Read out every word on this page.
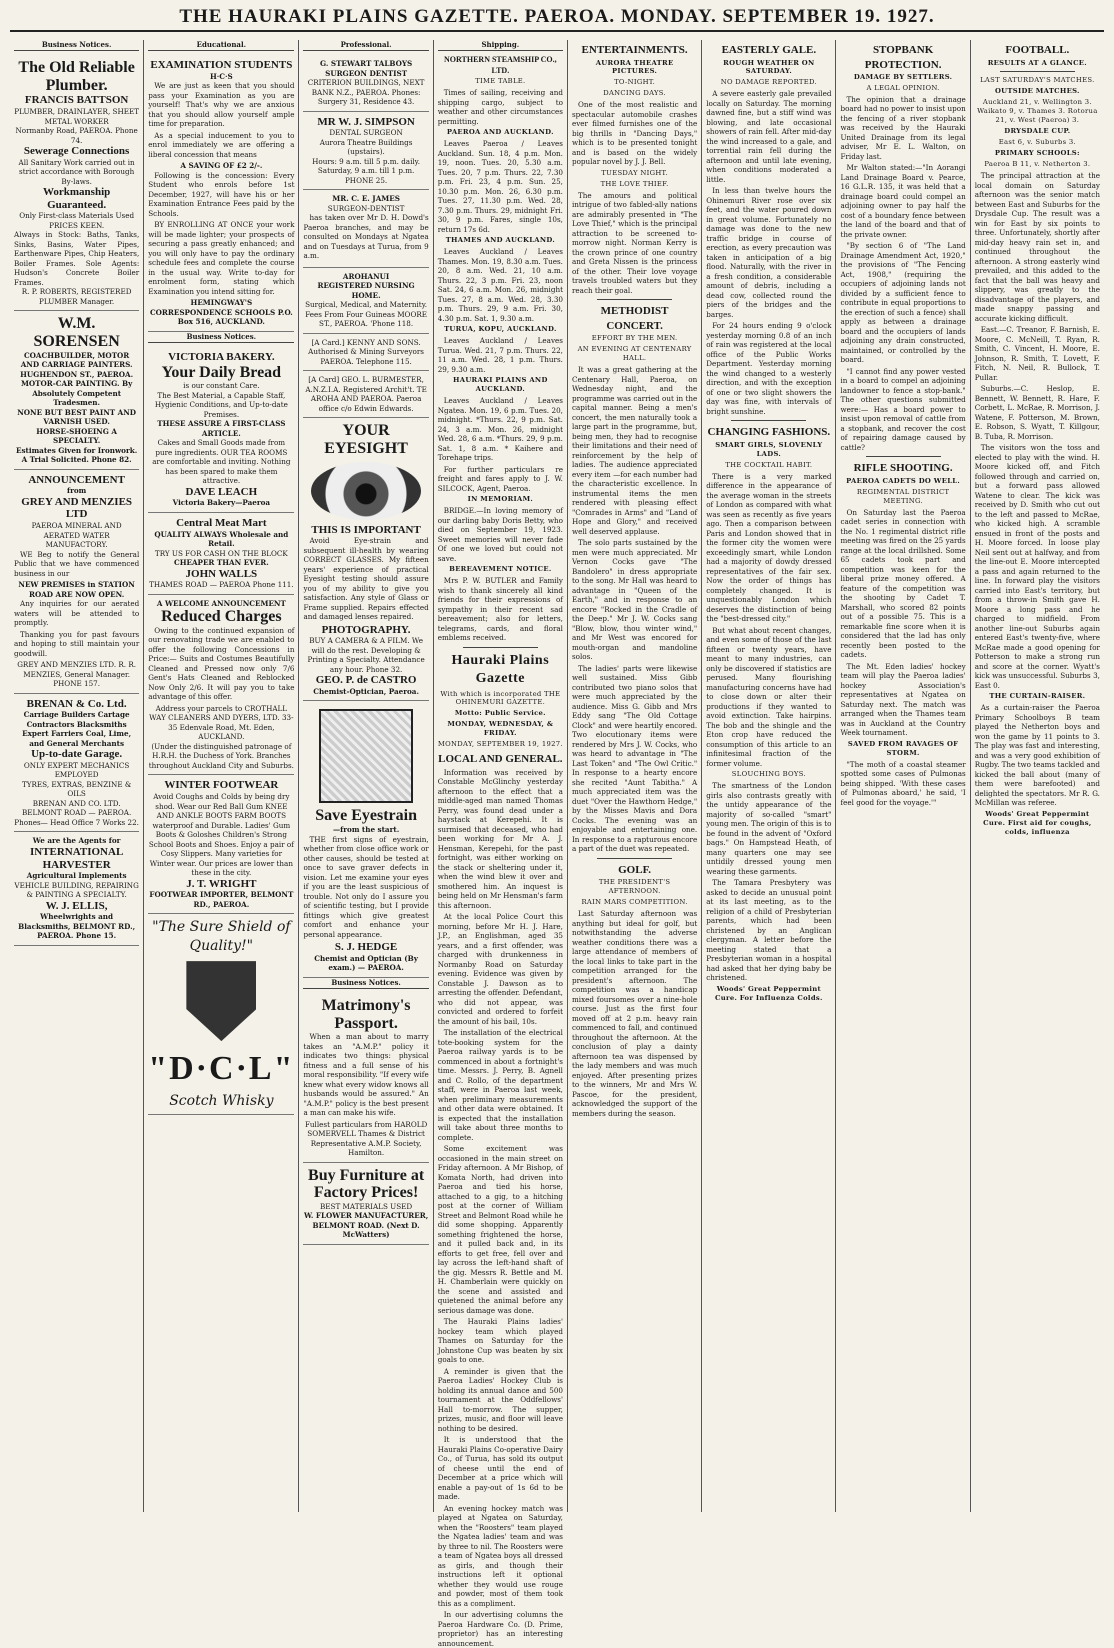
THE HAURAKI PLAINS GAZETTE. PAEROA. MONDAY. SEPTEMBER 19. 1927.
Business Notices.
The Old Reliable Plumber.
FRANCIS BATTSON
PLUMBER, DRAINLAYER, SHEET METAL WORKER
Normanby Road, PAEROA. Phone 74.
Sewerage Connections
All Sanitary Work carried out in strict accordance with Borough By-laws.
Workmanship Guaranteed.
Only First-class Materials Used PRICES KEEN.
Always in Stock: Baths, Tanks, Sinks, Basins, Water Pipes, Earthenware Pipes, Chip Heaters, Boiler Frames. Sole Agents: Hudson's Concrete Boiler Frames.
R. P. ROBERTS, REGISTERED PLUMBER Manager.
W.M. SORENSEN
COACHBUILDER, MOTOR AND CARRIAGE PAINTERS. HUGHENDON ST., PAEROA.
MOTOR-CAR PAINTING. By Absolutely Competent Tradesmen.
NONE BUT BEST PAINT AND VARNISH USED.
HORSE-SHOEING A SPECIALTY.
Estimates Given for Ironwork.
A Trial Solicited. Phone 82.
ANNOUNCEMENT
from
GREY AND MENZIES LTD
PAEROA MINERAL AND AERATED WATER MANUFACTORY.

WE Beg to notify the General Public that we have commenced business in our

NEW PREMISES in STATION ROAD ARE NOW OPEN.

Any inquiries for our aerated waters will be attended to promptly.

Thanking you for past favours and hoping to still maintain your goodwill.

GREY AND MENZIES LTD. R. R. MENZIES, General Manager.
PHONE 157.
BRENAN & Co. Ltd.
Carriage Builders Cartage Contractors Blacksmiths Expert Farriers Coal, Lime, and General Merchants
Up-to-date Garage.
ONLY EXPERT MECHANICS EMPLOYED
TYRES, EXTRAS, BENZINE & OILS
BRENAN AND CO. LTD. BELMONT ROAD — PAEROA. Phones— Head Office 7 Works 22.
We are the Agents for
INTERNATIONAL HARVESTER
Agricultural Implements
VEHICLE BUILDING, REPAIRING & PAINTING A SPECIALTY.
W. J. ELLIS,
Wheelwrights and Blacksmiths, BELMONT RD., PAEROA. Phone 15.
Educational.
EXAMINATION STUDENTS
H·C·S

We are just as keen that you should pass your Examination as you are yourself! That's why we are anxious that you should allow yourself ample time for preparation.

As a special inducement to you to enrol immediately we are offering a liberal concession that means

A SAVING OF £2 2/-.

Following is the concession: Every Student who enrols before 1st December, 1927, will have his or her Examination Entrance Fees paid by the Schools.

BY ENROLLING AT ONCE your work will be made lighter; your prospects of securing a pass greatly enhanced; and you will only have to pay the ordinary schedule fees and complete the course in the usual way. Write to-day for enrolment form, stating which Examination you intend sitting for.

HEMINGWAY'S CORRESPONDENCE SCHOOLS P.O. Box 516, AUCKLAND.
Business Notices.
VICTORIA BAKERY.
Your Daily Bread
is our constant Care.
The Best Material, a Capable Staff, Hygienic Conditions, and Up-to-date Premises.
THESE ASSURE A FIRST-CLASS ARTICLE.
Cakes and Small Goods made from pure ingredients. OUR TEA ROOMS are comfortable and inviting. Nothing has been spared to make them attractive.
DAVE LEACH
Victoria Bakery—Paeroa
Central Meat Mart
QUALITY ALWAYS Wholesale and Retail.
TRY US FOR CASH ON THE BLOCK
CHEAPER THAN EVER.
JOHN WALLS
THAMES ROAD — PAEROA Phone 111.
A WELCOME ANNOUNCEMENT
Reduced Charges

Owing to the continued expansion of our renovating trade we are enabled to offer the following Concessions in Price:— Suits and Costumes Beautifully Cleaned and Pressed now only 7/6 Gent's Hats Cleaned and Reblocked Now Only 2/6. It will pay you to take advantage of this offer.

Address your parcels to CROTHALL WAY CLEANERS AND DYERS, LTD. 33-35 Edenvale Road, Mt. Eden, AUCKLAND.
(Under the distinguished patronage of H.R.H. the Duchess of York. Branches throughout Auckland City and Suburbs.
WINTER FOOTWEAR
Avoid Coughs and Colds by being dry shod. Wear our Red Ball Gum KNEE AND ANKLE BOOTS FARM BOOTS waterproof and Durable. Ladies' Gum Boots & Goloshes Children's Strong School Boots and Shoes. Enjoy a pair of Cosy Slippers. Many varieties for Winter wear. Our prices are lower than these in the city.
J. T. WRIGHT
FOOTWEAR IMPORTER, BELMONT RD., PAEROA.
"The Sure Shield of Quality!"
"D·C·L"
Scotch Whisky
Professional.
G. STEWART TALBOYS SURGEON DENTIST
CRITERION BUILDINGS, NEXT BANK N.Z., PAEROA. Phones: Surgery 31, Residence 43.
MR W. J. SIMPSON
DENTAL SURGEON
Aurora Theatre Buildings (upstairs).
Hours: 9 a.m. till 5 p.m. daily. Saturday, 9 a.m. till 1 p.m. PHONE 25.
MR. C. E. JAMES
SURGEON-DENTIST

has taken over Mr D. H. Dowd's Paeroa branches, and may be consulted on Mondays at Ngatea and on Tuesdays at Turua, from 9 a.m.

AROHANUI
REGISTERED NURSING HOME.
Surgical, Medical, and Maternity. Fees From Four Guineas MOORE ST., PAEROA. 'Phone 118.
[A Card.] KENNY AND SONS. Authorised & Mining Surveyors PAEROA. Telephone 115.
[A Card] GEO. L. BURMESTER, A.N.Z.I.A. Registered Archit't. TE AROHA AND PAEROA. Paeroa office c/o Edwin Edwards.
YOUR EYESIGHT
THIS IS IMPORTANT

Avoid Eye-strain and subsequent ill-health by wearing CORRECT GLASSES. My fifteen years' experience of practical Eyesight testing should assure you of my ability to give you satisfaction. Any style of Glass or Frame supplied. Repairs effected and damaged lenses repaired.

PHOTOGRAPHY.
BUY A CAMERA & A FILM. We will do the rest. Developing & Printing a Specialty. Attendance any hour. Phone 32.
GEO. P. de CASTRO
Chemist-Optician, Paeroa.
Save Eyestrain
—from the start.

THE first signs of eyestrain, whether from close office work or other causes, should be tested at once to save graver defects in vision. Let me examine your eyes if you are the least suspicious of trouble. Not only do I assure you of scientific testing, but I provide fittings which give greatest comfort and enhance your personal appearance.

S. J. HEDGE
Chemist and Optician (By exam.) — PAEROA.
Business Notices.
Matrimony's Passport.

When a man about to marry takes an "A.M.P." policy it indicates two things: physical fitness and a full sense of his moral responsibility. "If every wife knew what every widow knows all husbands would be assured." An "A.M.P." policy is the best present a man can make his wife.

Fullest particulars from HAROLD SOMERVELL Thames & District Representative A.M.P. Society, Hamilton.
Buy Furniture at Factory Prices!
BEST MATERIALS USED
W. FLOWER MANUFACTURER, BELMONT ROAD. (Next D. McWatters)
Shipping.
NORTHERN STEAMSHIP CO., LTD.
TIME TABLE.

Times of sailing, receiving and shipping cargo, subject to weather and other circumstances permitting.

PAEROA AND AUCKLAND.

Leaves Paeroa / Leaves Auckland. Sun. 18, 4 p.m. Mon. 19, noon. Tues. 20, 5.30 a.m. Tues. 20, 7 p.m. Thurs. 22, 7.30 p.m. Fri. 23, 4 p.m. Sun. 25, 10.30 p.m. Mon. 26, 6.30 p.m. Tues. 27, 11.30 p.m. Wed. 28, 7.30 p.m. Thurs. 29, midnight Fri. 30, 9 p.m. Fares, single 10s, return 17s 6d.

THAMES AND AUCKLAND.

Leaves Auckland / Leaves Thames. Mon. 19, 8.30 a.m. Tues. 20, 8 a.m. Wed. 21, 10 a.m. Thurs. 22, 3 p.m. Fri. 23, noon Sat. 24, 6 a.m. Mon. 26, midnight Tues. 27, 8 a.m. Wed. 28, 3.30 p.m. Thurs. 29, 9 a.m. Fri. 30, 4.30 p.m. Sat. 1, 9.30 a.m.

TURUA, KOPU, AUCKLAND.

Leaves Auckland / Leaves Turua. Wed. 21, 7 p.m. Thurs. 22, 11 a.m. Wed. 28, 1 p.m. Thurs. 29, 9.30 a.m.

HAURAKI PLAINS AND AUCKLAND.

Leaves Auckland / Leaves Ngatea. Mon. 19, 6 p.m. Tues. 20, midnight. *Thurs. 22, 9 p.m. Sat. 24, 3 a.m. Mon. 26, midnight Wed. 28, 6 a.m. *Thurs. 29, 9 p.m. Sat. 1, 8 a.m. * Kaihere and Torehape trips.

For further particulars re freight and fares apply to J. W. SILCOCK, Agent, Paeroa.

IN MEMORIAM.

BRIDGE.—In loving memory of our darling baby Doris Betty, who died on September 19, 1923. Sweet memories will never fade Of one we loved but could not save.

BEREAVEMENT NOTICE.

Mrs P. W. BUTLER and Family wish to thank sincerely all kind friends for their expressions of sympathy in their recent sad bereavement; also for letters, telegrams, cards, and floral emblems received.

Hauraki Plains Gazette
With which is incorporated THE OHINEMURI GAZETTE.
Motto: Public Service.
MONDAY, WEDNESDAY, & FRIDAY.
MONDAY, SEPTEMBER 19, 1927.
LOCAL AND GENERAL.

Information was received by Constable McGlinchy yesterday afternoon to the effect that a middle-aged man named Thomas Perry, was found dead under a haystack at Kerepehi. It is surmised that deceased, who had been working for Mr A. J. Hensman, Kerepehi, for the past fortnight, was either working on the stack or sheltering under it, when the wind blew it over and smothered him. An inquest is being held on Mr Hensman's farm this afternoon.

At the local Police Court this morning, before Mr H. J. Hare, J.P., an Englishman, aged 35 years, and a first offender, was charged with drunkenness in Normanby Road on Saturday evening. Evidence was given by Constable J. Dawson as to arresting the offender. Defendant, who did not appear, was convicted and ordered to forfeit the amount of his bail, 10s.

The installation of the electrical tote-booking system for the Paeroa railway yards is to be commenced in about a fortnight's time. Messrs. J. Perry, B. Agnell and C. Rollo, of the department staff, were in Paeroa last week, when preliminary measurements and other data were obtained. It is expected that the installation will take about three months to complete.

Some excitement was occasioned in the main street on Friday afternoon. A Mr Bishop, of Komata North, had driven into Paeroa and tied his horse, attached to a gig, to a hitching post at the corner of William Street and Belmont Road while he did some shopping. Apparently something frightened the horse, and it pulled back and, in its efforts to get free, fell over and lay across the left-hand shaft of the gig. Messrs R. Bettle and M. H. Chamberlain were quickly on the scene and assisted and quietened the animal before any serious damage was done.

The Hauraki Plains ladies' hockey team which played Thames on Saturday for the Johnstone Cup was beaten by six goals to one.

A reminder is given that the Paeroa Ladies' Hockey Club is holding its annual dance and 500 tournament at the Oddfellows' Hall to-morrow. The supper, prizes, music, and floor will leave nothing to be desired.

It is understood that the Hauraki Plains Co-operative Dairy Co., of Turua, has sold its output of cheese until the end of December at a price which will enable a pay-out of 1s 6d to be made.

An evening hockey match was played at Ngatea on Saturday, when the "Roosters" team played the Ngatea ladies' team and was by three to nil. The Roosters were a team of Ngatea boys all dressed as girls, and though their instructions left it optional whether they would use rouge and powder, most of them took this as a compliment.

In our advertising columns the Paeroa Hardware Co. (D. Prime, proprietor) has an interesting announcement.

ENTERTAINMENTS.
AURORA THEATRE PICTURES.
TO-NIGHT.
DANCING DAYS.

One of the most realistic and spectacular automobile crashes ever filmed furnishes one of the big thrills in "Dancing Days," which is to be presented tonight and is based on the widely popular novel by J. J. Bell.

TUESDAY NIGHT.
THE LOVE THIEF.

The amours and political intrigue of two fabled-ally nations are admirably presented in "The Love Thief," which is the principal attraction to be screened to-morrow night. Norman Kerry is the crown prince of one country and Greta Nissen is the princess of the other. Their love voyage travels troubled waters but they reach their goal.

METHODIST CONCERT.
EFFORT BY THE MEN.
AN EVENING AT CENTENARY HALL.

It was a great gathering at the Centenary Hall, Paeroa, on Wednesday night, and the programme was carried out in the capital manner. Being a men's concert, the men naturally took a large part in the programme, but, being men, they had to recognise their limitations and their need of reinforcement by the help of ladies. The audience appreciated every item —for each number had the characteristic excellence. In instrumental items the men rendered with pleasing effect "Comrades in Arms" and "Land of Hope and Glory," and received well deserved applause.

The solo parts sustained by the men were much appreciated. Mr Vernon Cocks gave "The Bandolero" in dress appropriate to the song. Mr Hall was heard to advantage in "Queen of the Earth," and in response to an encore "Rocked in the Cradle of the Deep." Mr J. W. Cocks sang "Blow, blow, thou winter wind," and Mr West was encored for mouth-organ and mandoline solos.

The ladies' parts were likewise well sustained. Miss Gibb contributed two piano solos that were much appreciated by the audience. Miss G. Gibb and Mrs Eddy sang "The Old Cottage Clock" and were heartily encored. Two elocutionary items were rendered by Mrs J. W. Cocks, who was heard to advantage in "The Last Token" and "The Owl Critic." In response to a hearty encore she recited "Aunt Tabitha." A much appreciated item was the duet "Over the Hawthorn Hedge," by the Misses Mavis and Dora Cocks. The evening was an enjoyable and entertaining one. In response to a rapturous encore a part of the duet was repeated.

GOLF.
THE PRESIDENT'S AFTERNOON.
RAIN MARS COMPETITION.

Last Saturday afternoon was anything but ideal for golf, but notwithstanding the adverse weather conditions there was a large attendance of members of the local links to take part in the competition arranged for the president's afternoon. The competition was a handicap mixed foursomes over a nine-hole course. Just as the first four moved off at 2 p.m. heavy rain commenced to fall, and continued throughout the afternoon. At the conclusion of play a dainty afternoon tea was dispensed by the lady members and was much enjoyed. After presenting prizes to the winners, Mr and Mrs W. Pascoe, for the president, acknowledged the support of the members during the season.

EASTERLY GALE.
ROUGH WEATHER ON SATURDAY.
NO DAMAGE REPORTED.

A severe easterly gale prevailed locally on Saturday. The morning dawned fine, but a stiff wind was blowing, and late occasional showers of rain fell. After mid-day the wind increased to a gale, and torrential rain fell during the afternoon and until late evening, when conditions moderated a little.

In less than twelve hours the Ohinemuri River rose over six feet, and the water poured down in great volume. Fortunately no damage was done to the new traffic bridge in course of erection, as every precaution was taken in anticipation of a big flood. Naturally, with the river in a fresh condition, a considerable amount of debris, including a dead cow, collected round the piers of the bridges and the barges.

For 24 hours ending 9 o'clock yesterday morning 0.8 of an inch of rain was registered at the local office of the Public Works Department. Yesterday morning the wind changed to a westerly direction, and with the exception of one or two slight showers the day was fine, with intervals of bright sunshine.

CHANGING FASHIONS.
SMART GIRLS, SLOVENLY LADS.
THE COCKTAIL HABIT.

There is a very marked difference in the appearance of the average woman in the streets of London as compared with what was seen as recently as five years ago. Then a comparison between Paris and London showed that in the former city the women were exceedingly smart, while London had a majority of dowdy dressed representatives of the fair sex. Now the order of things has completely changed. It is unquestionably London which deserves the distinction of being the "best-dressed city."

But what about recent changes, and even some of those of the last fifteen or twenty years, have meant to many industries, can only be discovered if statistics are perused. Many flourishing manufacturing concerns have had to close down or alter their productions if they wanted to avoid extinction. Take hairpins. The bob and the shingle and the Eton crop have reduced the consumption of this article to an infinitesimal fraction of the former volume.

SLOUCHING BOYS.

The smartness of the London girls also contrasts greatly with the untidy appearance of the majority of so-called "smart" young men. The origin of this is to be found in the advent of "Oxford bags." On Hampstead Heath, of many quarters one may see untidily dressed young men wearing these garments.

The Tamara Presbytery was asked to decide an unusual point at its last meeting, as to the religion of a child of Presbyterian parents, which had been christened by an Anglican clergyman. A letter before the meeting stated that a Presbyterian woman in a hospital had asked that her dying baby be christened.

Woods' Great Peppermint Cure. For Influenza Colds.
STOPBANK PROTECTION.
DAMAGE BY SETTLERS.
A LEGAL OPINION.

The opinion that a drainage board had no power to insist upon the fencing of a river stopbank was received by the Hauraki United Drainage from its legal adviser, Mr E. L. Walton, on Friday last.

Mr Walton stated:—"In Aorangi Land Drainage Board v. Pearce, 16 G.L.R. 135, it was held that a drainage board could compel an adjoining owner to pay half the cost of a boundary fence between the land of the board and that of the private owner.

"By section 6 of "The Land Drainage Amendment Act, 1920," the provisions of "The Fencing Act, 1908," (requiring the occupiers of adjoining lands not divided by a sufficient fence to contribute in equal proportions to the erection of such a fence) shall apply as between a drainage board and the occupiers of lands adjoining any drain constructed, maintained, or controlled by the board.

"I cannot find any power vested in a board to compel an adjoining landowner to fence a stop-bank." The other questions submitted were:— Has a board power to insist upon removal of cattle from a stopbank, and recover the cost of repairing damage caused by cattle?

RIFLE SHOOTING.
PAEROA CADETS DO WELL.
REGIMENTAL DISTRICT MEETING.

On Saturday last the Paeroa cadet series in connection with the No. 1 regimental district rifle meeting was fired on the 25 yards range at the local drillshed. Some 65 cadets took part and competition was keen for the liberal prize money offered. A feature of the competition was the shooting by Cadet T. Marshall, who scored 82 points out of a possible 75. This is a remarkable fine score when it is considered that the lad has only recently been posted to the cadets.

The Mt. Eden ladies' hockey team will play the Paeroa ladies' hockey Association's representatives at Ngatea on Saturday next. The match was arranged when the Thames team was in Auckland at the Country Week tournament.

SAVED FROM RAVAGES OF STORM.

"The moth of a coastal steamer spotted some cases of Pulmonas being shipped. 'With these cases of Pulmonas aboard,' he said, 'I feel good for the voyage.'"

FOOTBALL.
RESULTS AT A GLANCE.
LAST SATURDAY'S MATCHES.
OUTSIDE MATCHES.
Auckland 21, v. Wellington 3. Waikato 9, v. Thames 3. Rotorua 21, v. West (Paeroa) 3.
DRYSDALE CUP.
East 6, v. Suburbs 3.
PRIMARY SCHOOLS:
Paeroa B 11, v. Netherton 3.

The principal attraction at the local domain on Saturday afternoon was the senior match between East and Suburbs for the Drysdale Cup. The result was a win for East by six points to three. Unfortunately, shortly after mid-day heavy rain set in, and continued throughout the afternoon. A strong easterly wind prevailed, and this added to the fact that the ball was heavy and slippery, was greatly to the disadvantage of the players, and made snappy passing and accurate kicking difficult.

East.—C. Treanor, F. Barnish, E. Moore, C. McNeill, T. Ryan, R. Smith, C. Vincent, H. Moore, E. Johnson, R. Smith, T. Lovett, F. Fitch, N. Neil, R. Bullock, T. Pullar.

Suburbs.—C. Heslop, E. Bennett, W. Bennett, R. Hare, F. Corbett, L. McRae, R. Morrison, J. Watene, F. Potterson, M. Brown, E. Robson, S. Wyatt, T. Killgour, B. Tuba, R. Morrison.

The visitors won the toss and elected to play with the wind. H. Moore kicked off, and Fitch followed through and carried on, but a forward pass allowed Watene to clear. The kick was received by D. Smith who cut out to the left and passed to McRae, who kicked high. A scramble ensued in front of the posts and H. Moore forced. In loose play Neil sent out at halfway, and from the line-out E. Moore intercepted a pass and again returned to the line. In forward play the visitors carried into East's territory, but from a throw-in Smith gave H. Moore a long pass and he charged to midfield. From another line-out Suburbs again entered East's twenty-five, where McRae made a good opening for Potterson to make a strong run and score at the corner. Wyatt's kick was unsuccessful. Suburbs 3, East 0.

THE CURTAIN-RAISER.

As a curtain-raiser the Paeroa Primary Schoolboys B team played the Netherton boys and won the game by 11 points to 3. The play was fast and interesting, and was a very good exhibition of Rugby. The two teams tackled and kicked the ball about (many of them were barefooted) and delighted the spectators. Mr R. G. McMillan was referee.

Woods' Great Peppermint Cure. First aid for coughs, colds, influenza
